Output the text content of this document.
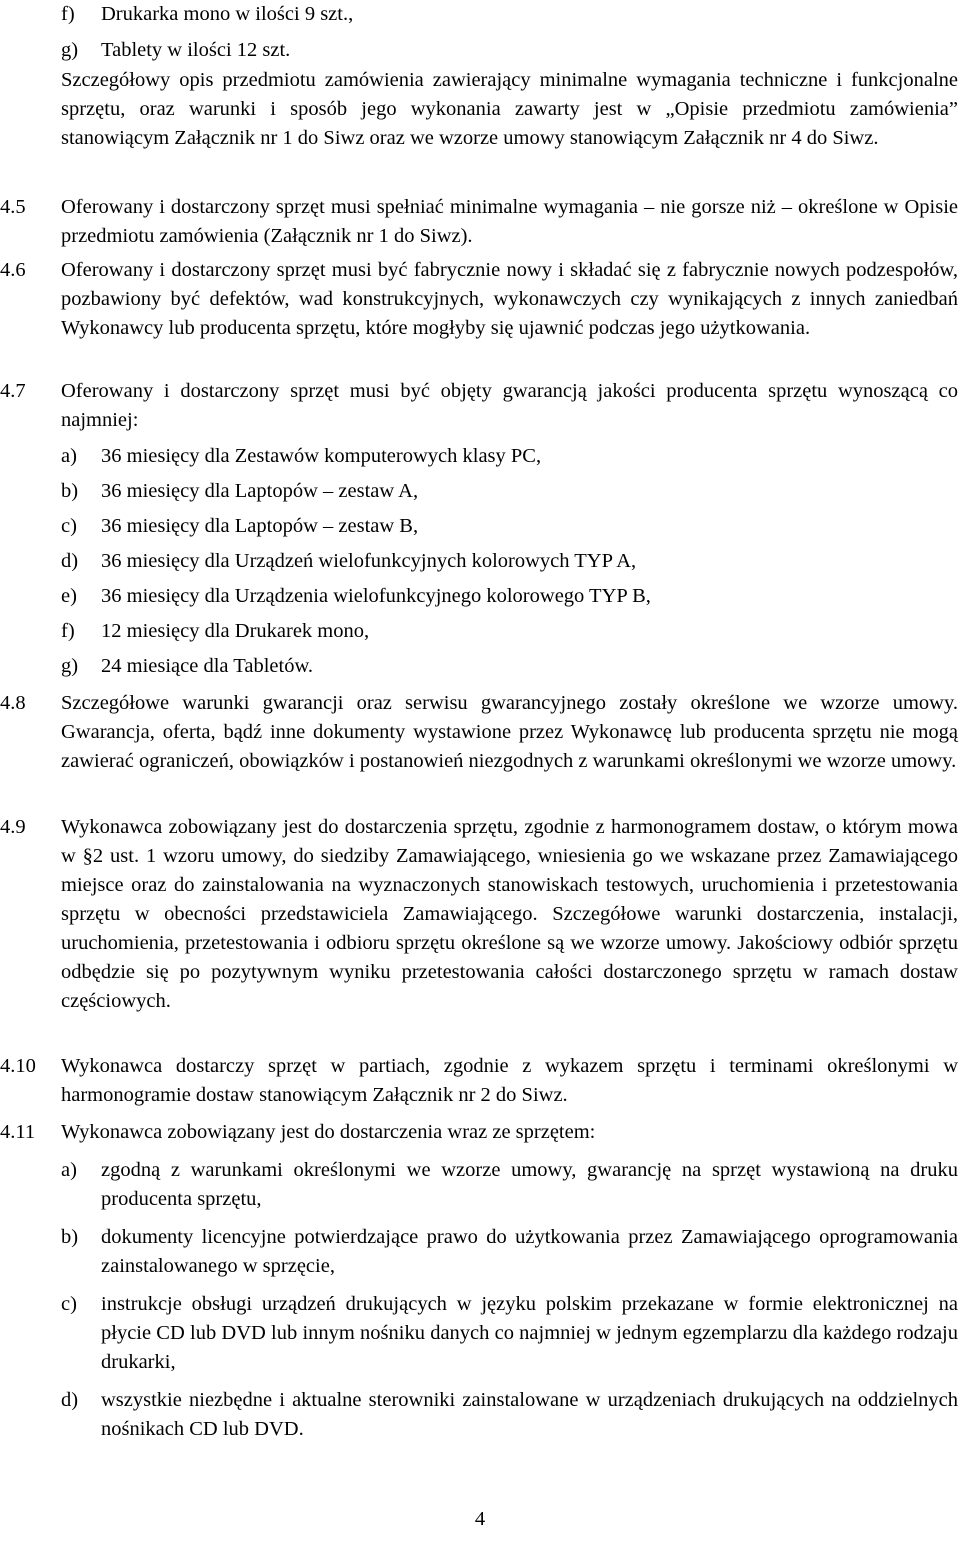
f) Drukarka mono w ilości 9 szt.,
g) Tablety w ilości 12 szt.
Szczegółowy opis przedmiotu zamówienia zawierający minimalne wymagania techniczne i funkcjonalne sprzętu, oraz warunki i sposób jego wykonania zawarty jest w „Opisie przedmiotu zamówienia” stanowiącym Załącznik nr 1 do Siwz oraz we wzorze umowy stanowiącym Załącznik nr 4 do Siwz.
4.5 Oferowany i dostarczony sprzęt musi spełniać minimalne wymagania – nie gorsze niż – określone w Opisie przedmiotu zamówienia (Załącznik nr 1 do Siwz).
4.6 Oferowany i dostarczony sprzęt musi być fabrycznie nowy i składać się z fabrycznie nowych podzespołów, pozbawiony być defektów, wad konstrukcyjnych, wykonawczych czy wynikających z innych zaniedbań Wykonawcy lub producenta sprzętu, które mogłyby się ujawnić podczas jego użytkowania.
4.7 Oferowany i dostarczony sprzęt musi być objęty gwarancją jakości producenta sprzętu wynoszącą co najmniej:
a) 36 miesięcy dla Zestawów komputerowych klasy PC,
b) 36 miesięcy dla Laptopów – zestaw A,
c) 36 miesięcy dla Laptopów – zestaw B,
d) 36 miesięcy dla Urządzeń wielofunkcyjnych kolorowych TYP A,
e) 36 miesięcy dla Urządzenia wielofunkcyjnego kolorowego TYP B,
f) 12 miesięcy dla Drukarek mono,
g) 24 miesiące dla Tabletów.
4.8 Szczegółowe warunki gwarancji oraz serwisu gwarancyjnego zostały określone we wzorze umowy. Gwarancja, oferta, bądź inne dokumenty wystawione przez Wykonawcę lub producenta sprzętu nie mogą zawierać ograniczeń, obowiązków i postanowień niezgodnych z warunkami określonymi we wzorze umowy.
4.9 Wykonawca zobowiązany jest do dostarczenia sprzętu, zgodnie z harmonogramem dostaw, o którym mowa w §2 ust. 1 wzoru umowy, do siedziby Zamawiającego, wniesienia go we wskazane przez Zamawiającego miejsce oraz do zainstalowania na wyznaczonych stanowiskach testowych, uruchomienia i przetestowania sprzętu w obecności przedstawiciela Zamawiającego. Szczegółowe warunki dostarczenia, instalacji, uruchomienia, przetestowania i odbioru sprzętu określone są we wzorze umowy. Jakościowy odbiór sprzętu odbędzie się po pozytywnym wyniku przetestowania całości dostarczonego sprzętu w ramach dostaw częściowych.
4.10 Wykonawca dostarczy sprzęt w partiach, zgodnie z wykazem sprzętu i terminami określonymi w harmonogramie dostaw stanowiącym Załącznik nr 2 do Siwz.
4.11 Wykonawca zobowiązany jest do dostarczenia wraz ze sprzętem:
a) zgodną z warunkami określonymi we wzorze umowy, gwarancję na sprzęt wystawioną na druku producenta sprzętu,
b) dokumenty licencyjne potwierdzające prawo do użytkowania przez Zamawiającego oprogramowania zainstalowanego w sprzęcie,
c) instrukcje obsługi urządzeń drukujących w języku polskim przekazane w formie elektronicznej na płycie CD lub DVD lub innym nośniku danych co najmniej w jednym egzemplarzu dla każdego rodzaju drukarki,
d) wszystkie niezbędne i aktualne sterowniki zainstalowane w urządzeniach drukujących na oddzielnych nośnikach CD lub DVD.
4
